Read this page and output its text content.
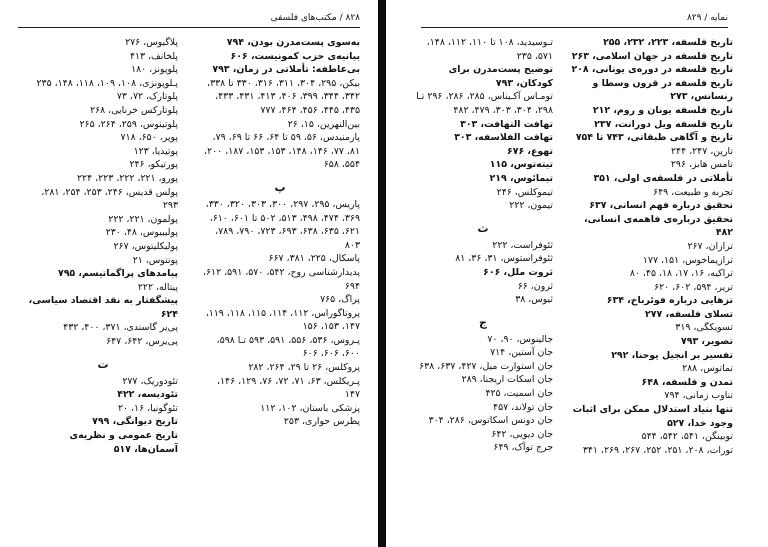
۸۲۸ / مکتب‌های فلسفی
به‌سوی پست‌مدرن بودن، ۷۹۴
بیانیه‌ی حزب کمونیست، ۶۰۶
بی‌عاطفه: تأملاتی در زمان، ۷۹۳
بیکن، ۲۹۵، ۳۰۴، ۳۱۱، ۳۱۶، ۳۳۰ تا ۳۳۸، ۳۴۲، ۳۴۴، ۳۹۹، ۴۰۶، ۴۱۳، ۴۳۱، ۴۳۳، ۴۳۵، ۴۴۵، ۴۵۶، ۴۶۴، ۷۷۷
بین‌النهرین، ۱۵، ۲۶
پارمنیدس، ۵۶، ۵۹ تا ۶۴، ۶۶ تا ۶۹، ۷۹، ۸۱، ۷۷، ۱۴۶، ۱۴۸، ۱۵۳، ۱۵۳، ۱۸۷، ۲۰۰، ۵۵۴، ۶۵۸
پ
پاریس، ۲۹۵، ۲۹۷، ۳۰۰، ۳۰۳، ۳۲۰، ۳۳۰، ۳۶۹، ۴۷۴، ۴۹۸، ۵۱۳، ۵۰۲ تا ۶۰۱، ۶۱۰، ۶۲۱، ۶۳۵، ۶۳۸، ۶۹۳، ۷۲۳، ۷۹۰، ۷۸۹، ۸۰۳
پاسکال، ۲۲۵، ۳۸۱، ۶۶۷
پدیدارشناسی روح، ۵۴۲، ۵۷۰، ۵۹۱، ۶۱۲، ۶۹۴
پراگ، ۷۶۵
پروتاگوراس، ۱۱۲، ۱۱۴، ۱۱۵، ۱۱۸، ۱۱۹، ۱۴۷، ۱۵۳، ۱۵۶
پـروس، ۵۳۶، ۵۵۶، ۵۹۱، ۵۹۳ تـا ۵۹۸، ۶۰۰، ۶۰۶، ۶۰۶
پروکلس، ۲۶ تا ۲۹، ۲۶۴، ۲۸۲
پـریکلس، ۶۳، ۷۱، ۷۲، ۷۶، ۱۲۹، ۱۴۶، ۱۴۷
پزشکی باستان، ۱۰۲، ۱۱۲
پطرس حواری، ۲۵۳
پلاگیوس، ۲۷۶
پلخانف، ۴۱۳
پلوپونز، ۱۸۰
پـلوپونزی، ۱۰۸، ۱۰۹، ۱۱۸، ۱۴۸، ۲۳۵
پلوتارک، ۷۲، ۷۳
پلوتارکس خرنایی، ۲۶۸
پلوتینوس، ۲۵۹، ۲۶۴، ۲۶۵
پوپر، ۶۵۰، ۷۱۸
پوتیدیا، ۱۲۳
پورتیکو، ۲۴۶
پورو، ۲۲۱، ۲۲۲، ۲۲۳، ۲۲۴
پولس قدیس، ۲۴۶، ۲۵۳، ۲۵۴، ۲۸۱، ۲۹۳
پولمون، ۲۲۱، ۲۲۲
پولیبیوس، ۴۸، ۲۳۰
پولیکلیتوس، ۲۶۷
پونتوس، ۲۱
پیامدهای پراگماتیسم، ۷۹۵
پیتاله، ۲۲۲
پیشگفتار به نقد اقتصاد سیاسی، ۶۲۴
پی‌یر گاسندی، ۳۷۱، ۴۰۰، ۴۳۲
پی‌یرس، ۶۴۲، ۶۴۷
ت
تئودوریک، ۲۷۷
تئودیسه، ۴۲۲
تئوگونیا، ۱۶، ۲۰
تاریخ دیوانگی، ۷۹۹
تاریخ عمومی و نظریه‌ی آسمان‌ها، ۵۱۷
نمایه / ۸۲۹
تاریخ فلسفه، ۲۲۳، ۲۳۲، ۲۵۵
تاریخ فلسفه در جهان اسلامی، ۲۶۳
تاریخ فلسفه در دوره‌ی یونانی، ۲۰۸
تاریخ فلسفه در قرون وسطا و رنسانس، ۲۷۳
تاریخ فلسفه یونان و روم، ۲۱۲
تاریخ فلسفه ویل دورانت، ۲۳۷
تاریخ و آگاهی طبقاتی، ۷۴۳ تا ۷۵۴
تارپن، ۲۴۷، ۲۴۴
تامس هابز، ۲۹۶
تأملاتی در فلسفه‌ی اولی، ۳۵۱
تجربه و طبیعت، ۶۴۹
تحقیق درباره‌ فهم انسانی، ۶۳۷
تحقیق درباره‌ی فاهمه‌ی انسانی، ۴۸۲
ترازان، ۲۶۷
ترازیماخوس، ۱۵۱، ۱۷۷
تراکیه، ۱۶، ۱۷، ۱۸، ۴۵، ۸۰
تریر، ۵۹۴، ۶۰۲، ۶۲۰
تزهایی درباره فوئرباخ، ۶۳۴
تسلای فلسفه، ۲۷۷
تسویکگی، ۳۱۹
تصویر، ۷۹۳
تفسیر بر انجیل یوحنا، ۲۹۲
تماتوس، ۲۸۸
تمدن و فلسفه، ۶۴۸
تناوب زمانی، ۷۹۴
تنها بنیاد استدلال ممکن برای اثبات وجود خدا، ۵۲۷
توبینگن، ۵۴۱، ۵۴۲، ۵۴۴
تورات، ۲۰۸، ۲۵۱، ۲۵۲، ۲۶۷، ۲۶۹، ۳۴۱
تـوسیدید، ۱۰۸ تا ۱۱۰، ۱۱۲، ۱۴۸، ۵۷۱، ۲۳۵
توضیح پست‌مدرن برای کودکان، ۷۹۳
تومـاس آکـیناس، ۲۸۵، ۲۸۶، ۲۹۶ تـا ۲۹۸، ۳۰۴، ۳۰۳، ۴۷۹، ۴۸۲
تهافت التهافت، ۳۰۳
تهافت الفلاسفه، ۳۰۳
تهوع، ۶۷۶
تیته‌توس، ۱۱۵
تیمائوس، ۲۱۹
تیموکلس، ۲۴۶
تیمون، ۲۲۲
ث
ثئوفراست، ۲۲۲
ثئوفراستوس، ۳۱، ۳۶، ۸۱
ثروت ملل، ۶۰۶
ثرون، ۶۶
ثیوس، ۳۸
ج
جالینوس، ۹۰، ۷۰
جان آستین، ۷۱۴
جان استوارت میل، ۴۲۷، ۶۳۷، ۶۳۸
جان اسکات اریجنا، ۲۸۹
جان اسمیت، ۴۲۵
جان تولاند، ۴۵۷
جان دونس اسکاتوس، ۲۸۶، ۳۰۴
جان دیویی، ۶۴۲
جرج توآک، ۶۴۹
